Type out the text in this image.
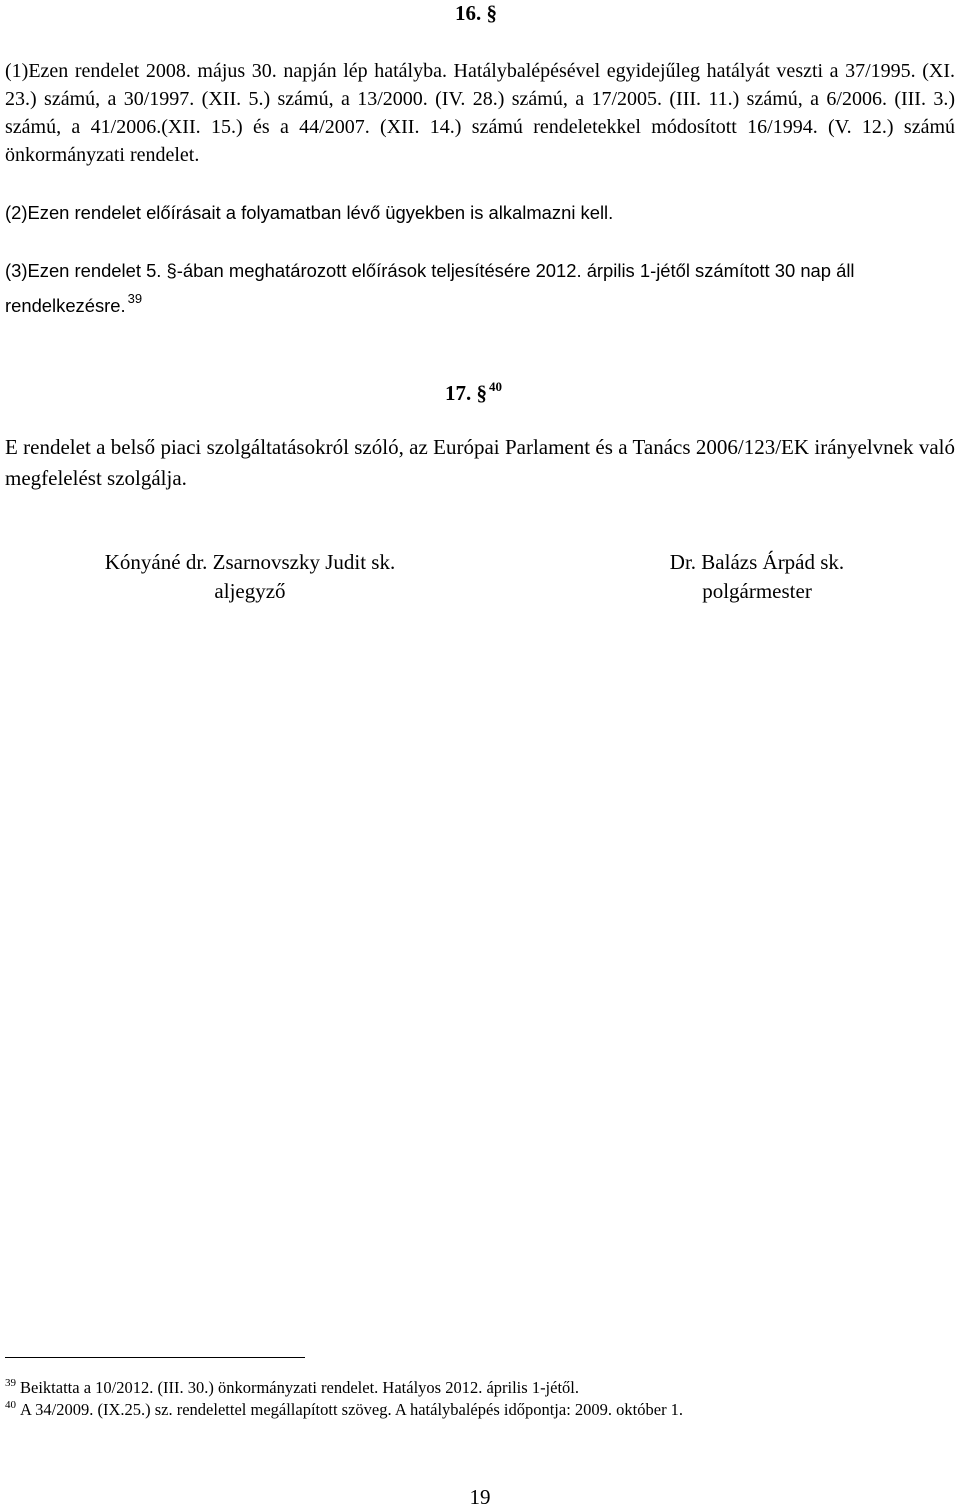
16. §
(1)Ezen rendelet 2008. május 30. napján lép hatályba. Hatálybalépésével egyidejűleg hatályát veszti a 37/1995. (XI. 23.) számú, a 30/1997. (XII. 5.) számú, a 13/2000. (IV. 28.) számú, a 17/2005. (III. 11.) számú, a 6/2006. (III. 3.) számú, a 41/2006.(XII. 15.) és a 44/2007. (XII. 14.) számú rendeletekkel módosított 16/1994. (V. 12.) számú önkormányzati rendelet.
(2)Ezen rendelet előírásait a folyamatban lévő ügyekben is alkalmazni kell.
(3)Ezen rendelet 5. §-ában meghatározott előírások teljesítésére 2012. árpilis 1-jétől számított 30 nap áll rendelkezésre. $^{39}$
17. § $^{40}$
E rendelet a belső piaci szolgáltatásokról szóló, az Európai Parlament és a Tanács 2006/123/EK irányelvnek való megfelelést szolgálja.
Kónyáné dr. Zsarnovszky Judit sk.
aljegyző
Dr. Balázs Árpád sk.
polgármester
$^{39}$ Beiktatta a 10/2012. (III. 30.) önkormányzati rendelet. Hatályos 2012. április 1-jétől.
$^{40}$ A 34/2009. (IX.25.) sz. rendelettel megállapított szöveg. A hatálybalépés időpontja: 2009. október 1.
19
